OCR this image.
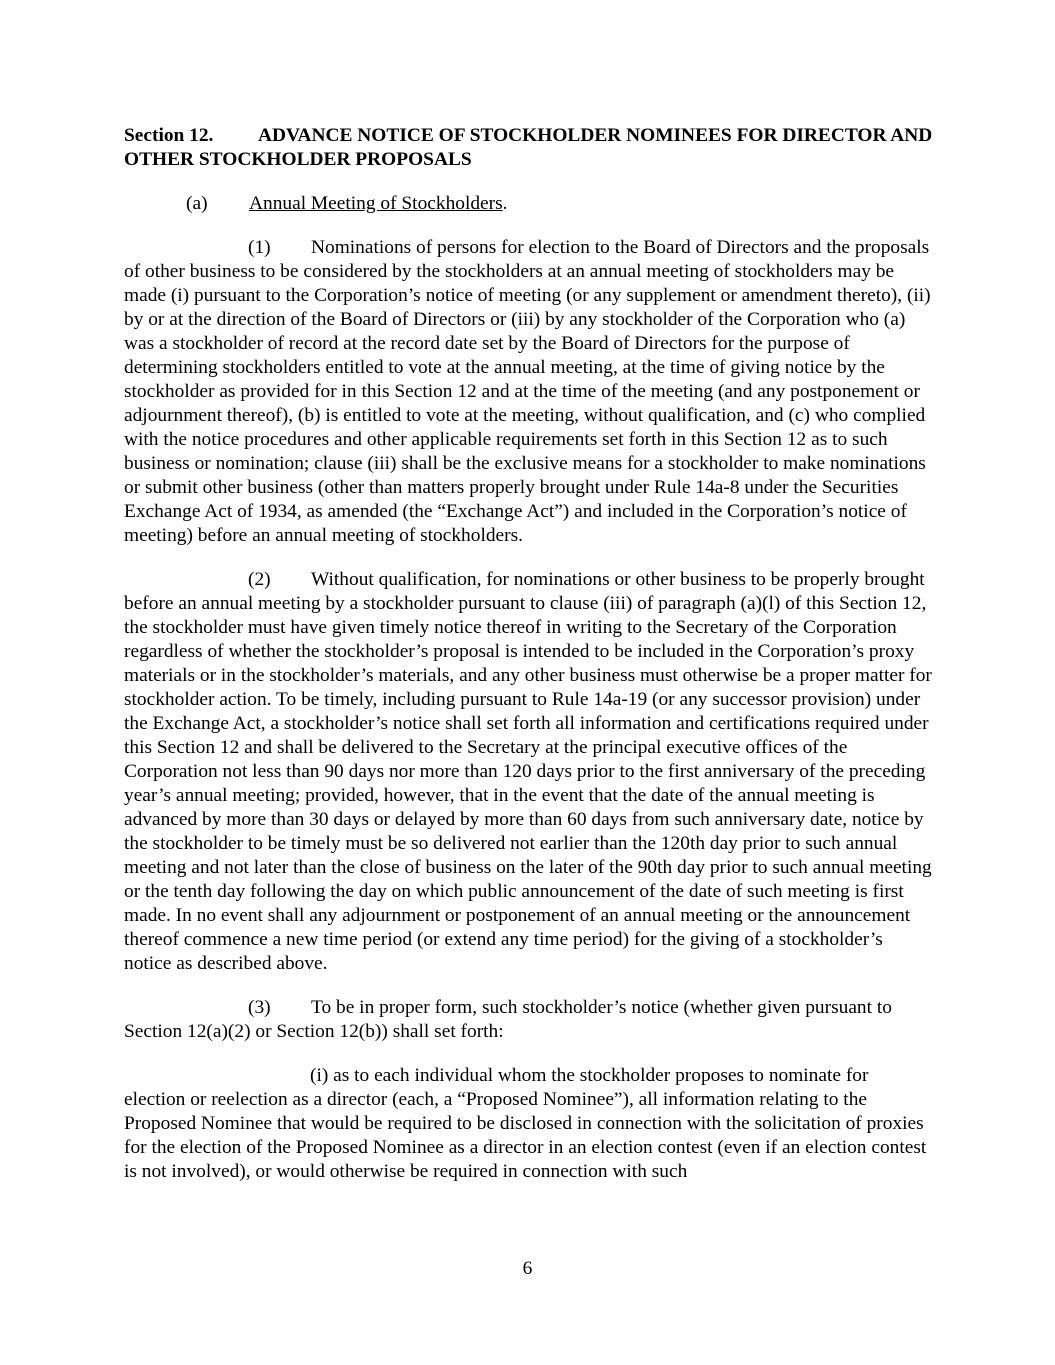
Section 12. ADVANCE NOTICE OF STOCKHOLDER NOMINEES FOR DIRECTOR AND OTHER STOCKHOLDER PROPOSALS
(a) Annual Meeting of Stockholders.

(1) Nominations of persons for election to the Board of Directors and the proposals of other business to be considered by the stockholders at an annual meeting of stockholders may be made (i) pursuant to the Corporation’s notice of meeting (or any supplement or amendment thereto), (ii) by or at the direction of the Board of Directors or (iii) by any stockholder of the Corporation who (a) was a stockholder of record at the record date set by the Board of Directors for the purpose of determining stockholders entitled to vote at the annual meeting, at the time of giving notice by the stockholder as provided for in this Section 12 and at the time of the meeting (and any postponement or adjournment thereof), (b) is entitled to vote at the meeting, without qualification, and (c) who complied with the notice procedures and other applicable requirements set forth in this Section 12 as to such business or nomination; clause (iii) shall be the exclusive means for a stockholder to make nominations or submit other business (other than matters properly brought under Rule 14a-8 under the Securities Exchange Act of 1934, as amended (the “Exchange Act”) and included in the Corporation’s notice of meeting) before an annual meeting of stockholders.

(2) Without qualification, for nominations or other business to be properly brought before an annual meeting by a stockholder pursuant to clause (iii) of paragraph (a)(l) of this Section 12, the stockholder must have given timely notice thereof in writing to the Secretary of the Corporation regardless of whether the stockholder’s proposal is intended to be included in the Corporation’s proxy materials or in the stockholder’s materials, and any other business must otherwise be a proper matter for stockholder action. To be timely, including pursuant to Rule 14a-19 (or any successor provision) under the Exchange Act, a stockholder’s notice shall set forth all information and certifications required under this Section 12 and shall be delivered to the Secretary at the principal executive offices of the Corporation not less than 90 days nor more than 120 days prior to the first anniversary of the preceding year’s annual meeting; provided, however, that in the event that the date of the annual meeting is advanced by more than 30 days or delayed by more than 60 days from such anniversary date, notice by the stockholder to be timely must be so delivered not earlier than the 120th day prior to such annual meeting and not later than the close of business on the later of the 90th day prior to such annual meeting or the tenth day following the day on which public announcement of the date of such meeting is first made. In no event shall any adjournment or postponement of an annual meeting or the announcement thereof commence a new time period (or extend any time period) for the giving of a stockholder’s notice as described above.

(3) To be in proper form, such stockholder’s notice (whether given pursuant to Section 12(a)(2) or Section 12(b)) shall set forth:

(i) as to each individual whom the stockholder proposes to nominate for election or reelection as a director (each, a “Proposed Nominee”), all information relating to the Proposed Nominee that would be required to be disclosed in connection with the solicitation of proxies for the election of the Proposed Nominee as a director in an election contest (even if an election contest is not involved), or would otherwise be required in connection with such

6
